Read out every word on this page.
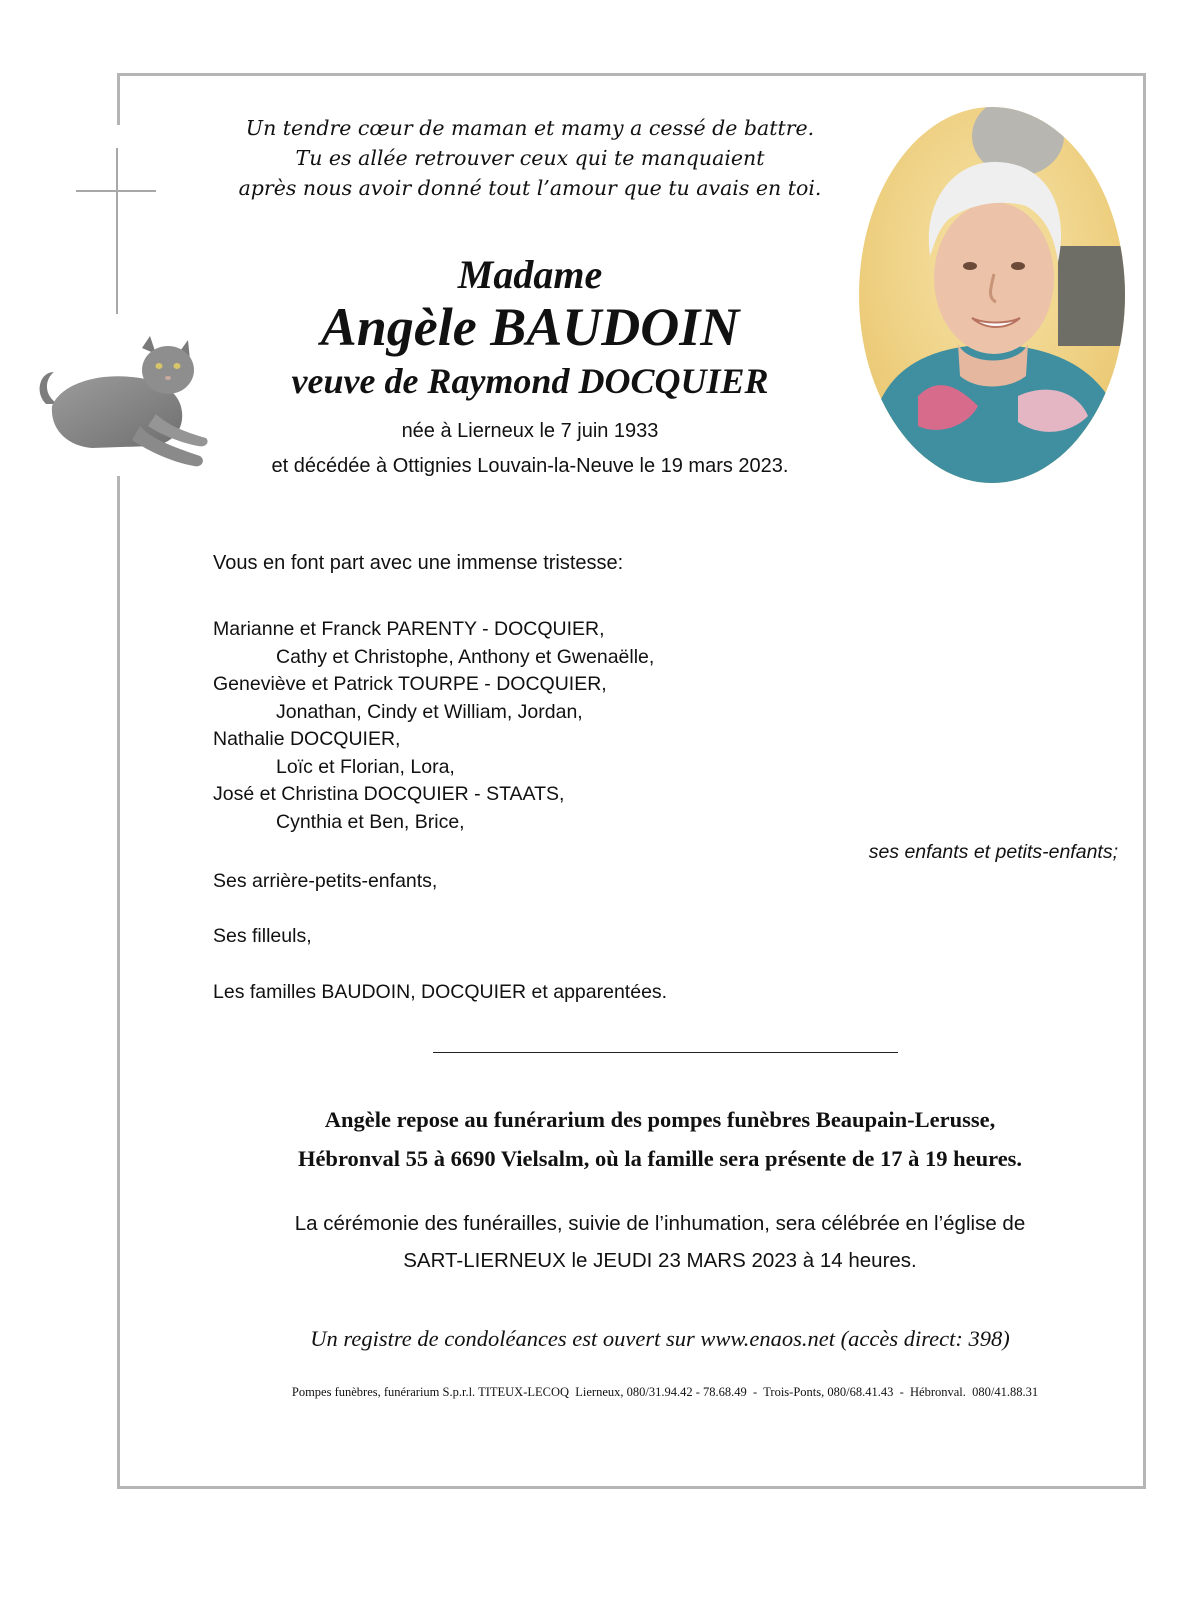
Un tendre cœur de maman et mamy a cessé de battre.
Tu es allée retrouver ceux qui te manquaient
après nous avoir donné tout l’amour que tu avais en toi.
Madame
Angèle BAUDOIN
veuve de Raymond DOCQUIER
née à Lierneux le 7 juin 1933
et décédée à Ottignies Louvain-la-Neuve le 19 mars 2023.
Vous en font part avec une immense tristesse:
Marianne et Franck PARENTY - DOCQUIER,
Cathy et Christophe, Anthony et Gwenaëlle,
Geneviève et Patrick TOURPE - DOCQUIER,
Jonathan, Cindy et William, Jordan,
Nathalie DOCQUIER,
Loïc et Florian, Lora,
José et Christina DOCQUIER - STAATS,
Cynthia et Ben, Brice,
ses enfants et petits-enfants;
Ses arrière-petits-enfants,
Ses filleuls,
Les familles BAUDOIN, DOCQUIER et apparentées.
Angèle repose au funérarium des pompes funèbres Beaupain-Lerusse,
Hébronval 55 à 6690 Vielsalm, où la famille sera présente de 17 à 19 heures.
La cérémonie des funérailles, suivie de l’inhumation, sera célébrée en l’église de
SART-LIERNEUX le JEUDI 23 MARS 2023 à 14 heures.
Un registre de condoléances est ouvert sur www.enaos.net (accès direct: 398)
Pompes funèbres, funérarium S.p.r.l. TITEUX-LECOQ  Lierneux, 080/31.94.42 - 78.68.49  -  Trois-Ponts, 080/68.41.43  -  Hébronval.  080/41.88.31
